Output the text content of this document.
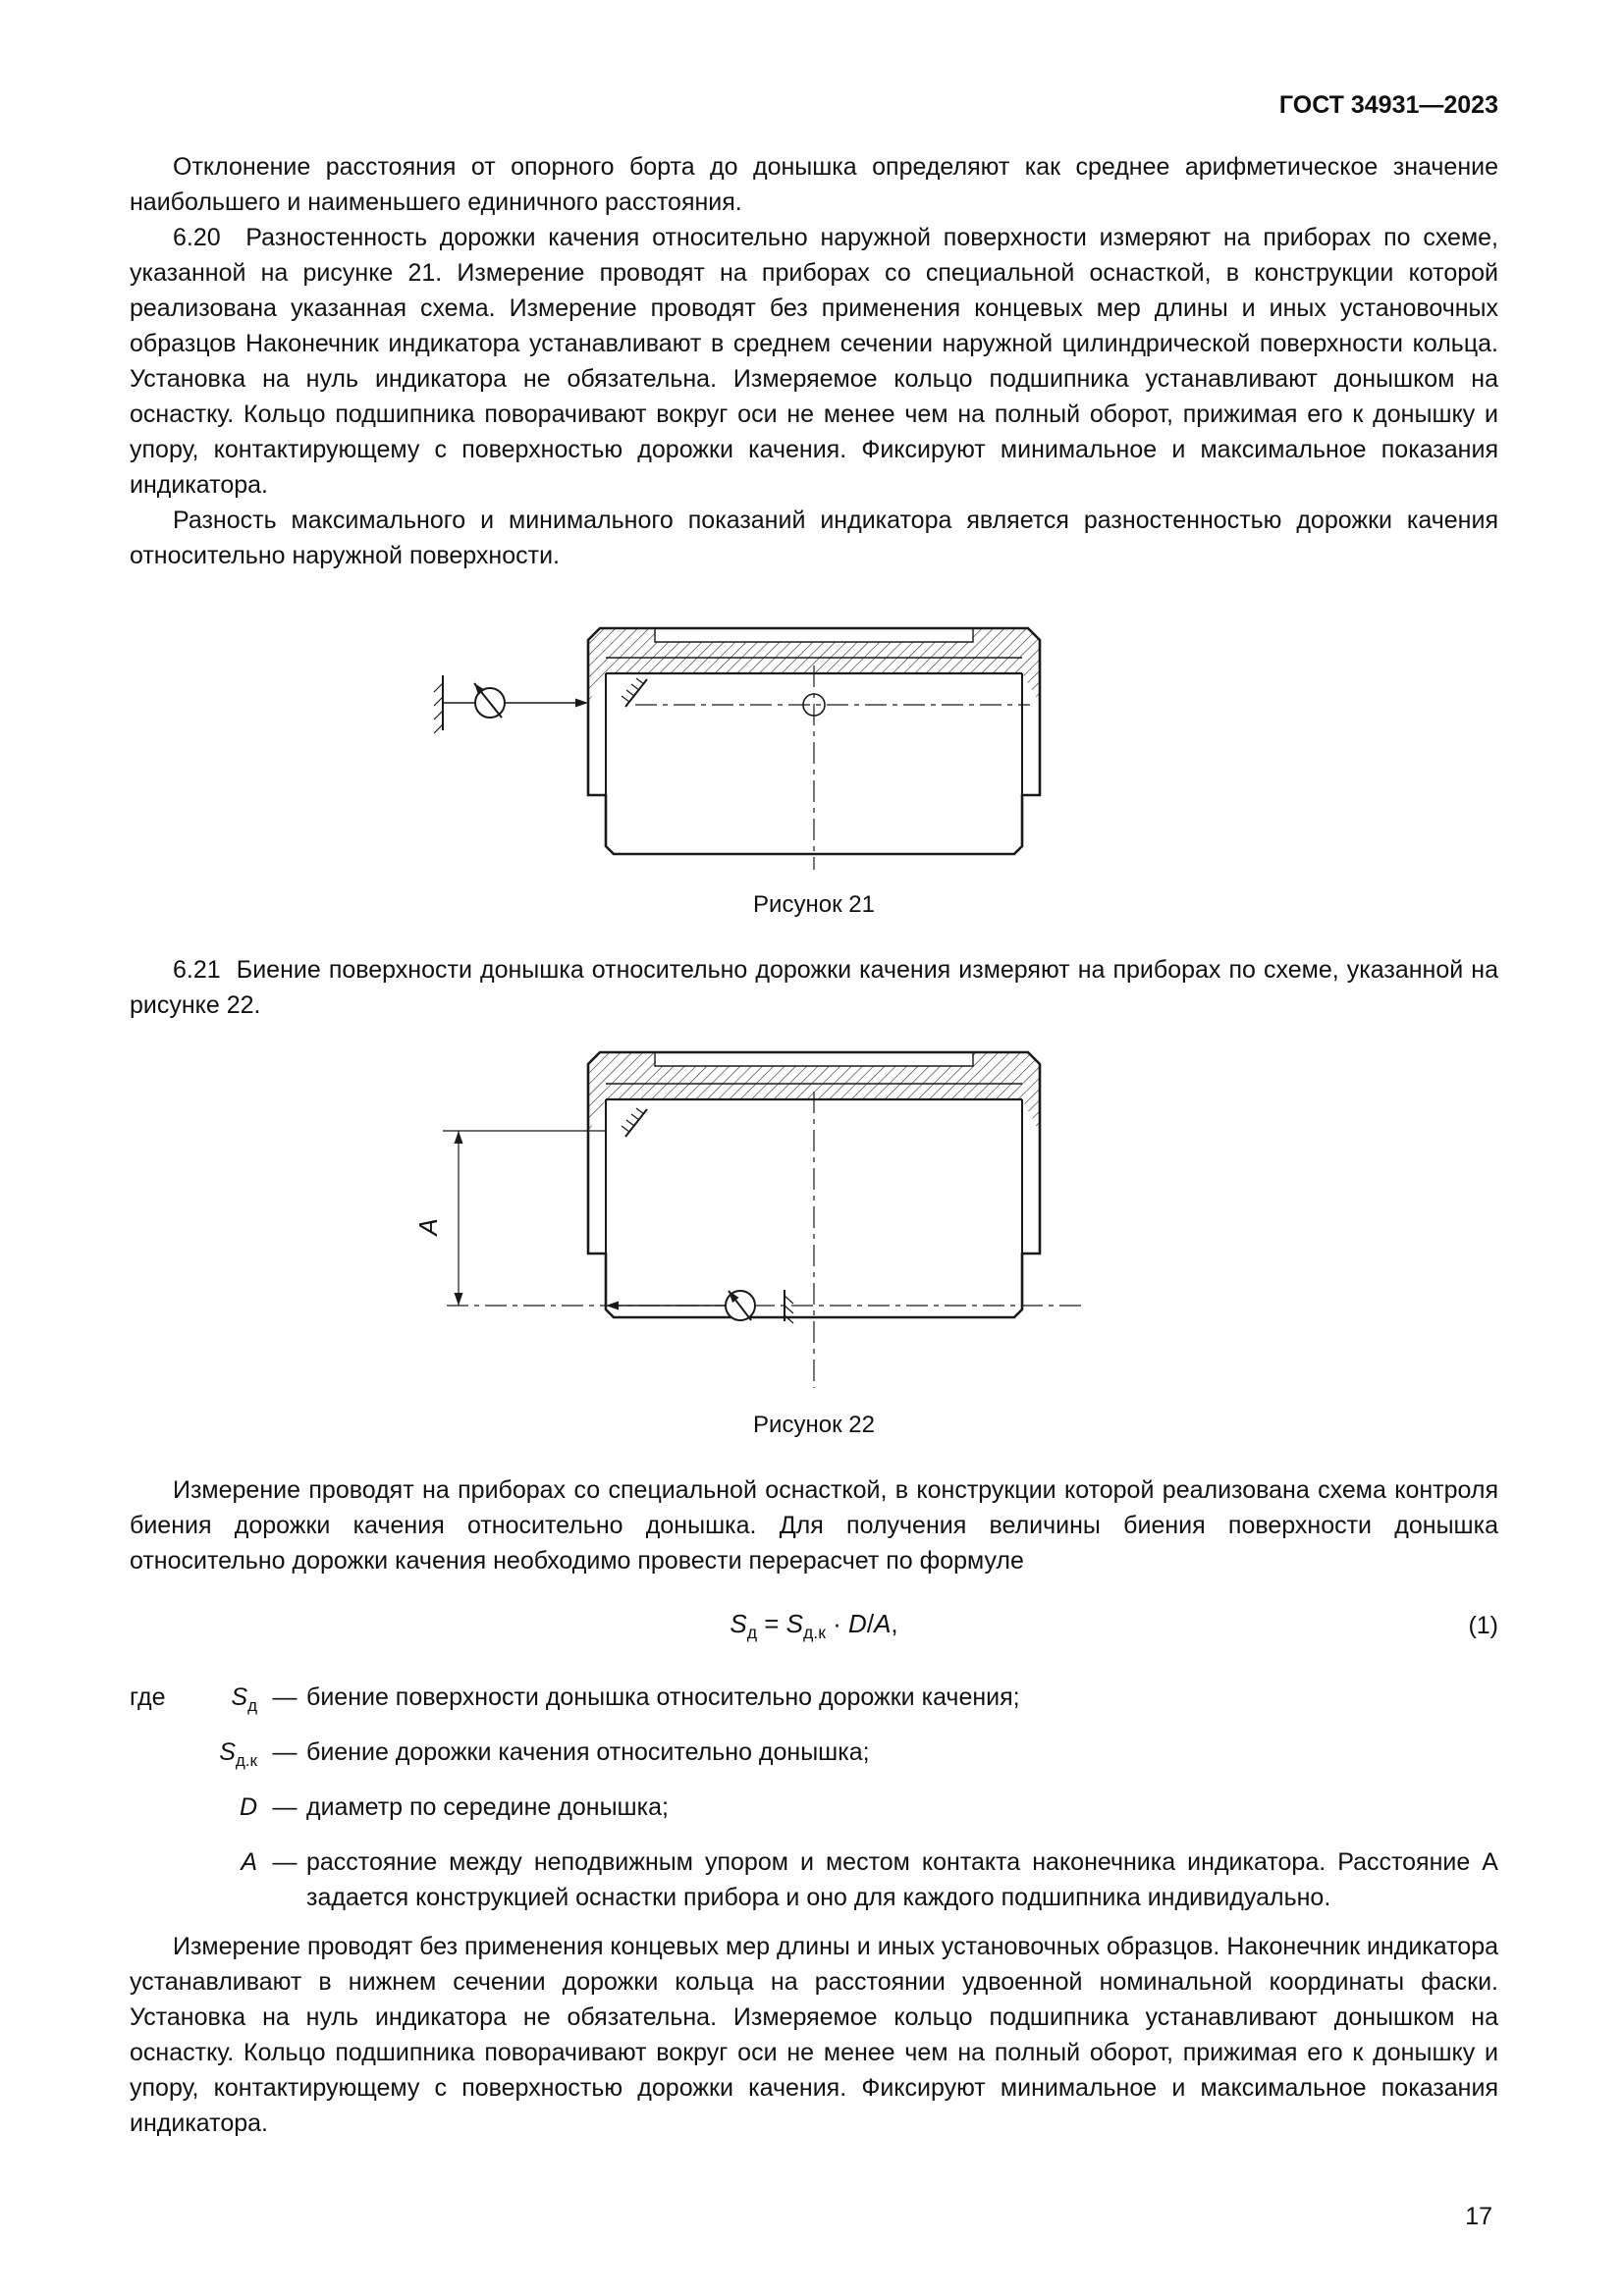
ГОСТ 34931—2023

Отклонение расстояния от опорного борта до донышка определяют как среднее арифметическое значение наибольшего и наименьшего единичного расстояния.

6.20  Разностенность дорожки качения относительно наружной поверхности измеряют на приборах по схеме, указанной на рисунке 21. Измерение проводят на приборах со специальной оснасткой, в конструкции которой реализована указанная схема. Измерение проводят без применения концевых мер длины и иных установочных образцов Наконечник индикатора устанавливают в среднем сечении наружной цилиндрической поверхности кольца. Установка на нуль индикатора не обязательна. Измеряемое кольцо подшипника устанавливают донышком на оснастку. Кольцо подшипника поворачивают вокруг оси не менее чем на полный оборот, прижимая его к донышку и упору, контактирующему с поверхностью дорожки качения. Фиксируют минимальное и максимальное показания индикатора.

Разность максимального и минимального показаний индикатора является разностенностью дорожки качения относительно наружной поверхности.

Рисунок 21

6.21  Биение поверхности донышка относительно дорожки качения измеряют на приборах по схеме, указанной на рисунке 22.

A
Рисунок 22

Измерение проводят на приборах со специальной оснасткой, в конструкции которой реализована схема контроля биения дорожки качения относительно донышка. Для получения величины биения поверхности донышка относительно дорожки качения необходимо провести перерасчет по формуле

$S_д = S_{д.к} \cdot D/A$,	(1)
где	$S_д$ — биение поверхности донышка относительно дорожки качения;
$S_{д.к}$ — биение дорожки качения относительно донышка;
D — диаметр по середине донышка;
A — расстояние между неподвижным упором и местом контакта наконечника индикатора. Расстояние A задается конструкцией оснастки прибора и оно для каждого подшипника индивидуально.

Измерение проводят без применения концевых мер длины и иных установочных образцов. Наконечник индикатора устанавливают в нижнем сечении дорожки кольца на расстоянии удвоенной номинальной координаты фаски. Установка на нуль индикатора не обязательна. Измеряемое кольцо подшипника устанавливают донышком на оснастку. Кольцо подшипника поворачивают вокруг оси не менее чем на полный оборот, прижимая его к донышку и упору, контактирующему с поверхностью дорожки качения. Фиксируют минимальное и максимальное показания индикатора.

17
